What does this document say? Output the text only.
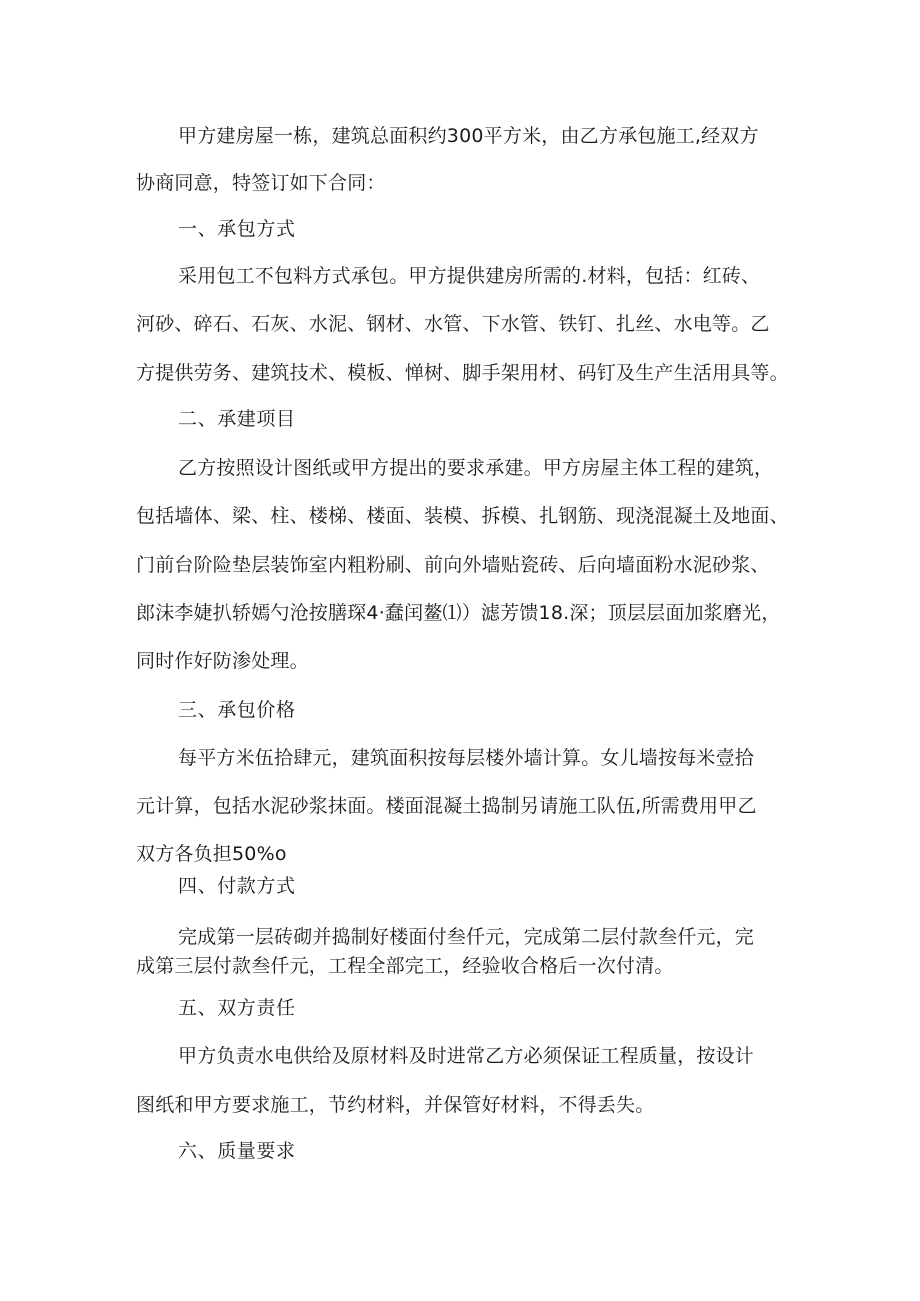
甲方建房屋一栋，建筑总面积约300平方米，由乙方承包施工,经双方
协商同意，特签订如下合同：
一、承包方式
采用包工不包料方式承包。甲方提供建房所需的.材料，包括：红砖、
河砂、碎石、石灰、水泥、钢材、水管、下水管、铁钉、扎丝、水电等。乙
方提供劳务、建筑技术、模板、惮树、脚手架用材、码钉及生产生活用具等。
二、承建项目
乙方按照设计图纸或甲方提出的要求承建。甲方房屋主体工程的建筑，
包括墙体、梁、柱、楼梯、楼面、装模、拆模、扎钢筋、现浇混凝土及地面、
门前台阶险垫层装饰室内粗粉刷、前向外墙贴瓷砖、后向墙面粉水泥砂浆、
郎沫李婕扒轿嫣勺沧按膳琛4·蠢闰鳌⑴）滤芳馈18.深；顶层层面加浆磨光，
同时作好防渗处理。
三、承包价格
每平方米伍拾肆元，建筑面积按每层楼外墙计算。女儿墙按每米壹拾
元计算，包括水泥砂浆抹面。楼面混凝土捣制另请施工队伍,所需费用甲乙
双方各负担50%o
四、付款方式
完成第一层砖砌并捣制好楼面付叁仟元，完成第二层付款叁仟元，完
成第三层付款叁仟元，工程全部完工，经验收合格后一次付清。
五、双方责任
甲方负责水电供给及原材料及时进常乙方必须保证工程质量，按设计
图纸和甲方要求施工，节约材料，并保管好材料，不得丢失。
六、质量要求
